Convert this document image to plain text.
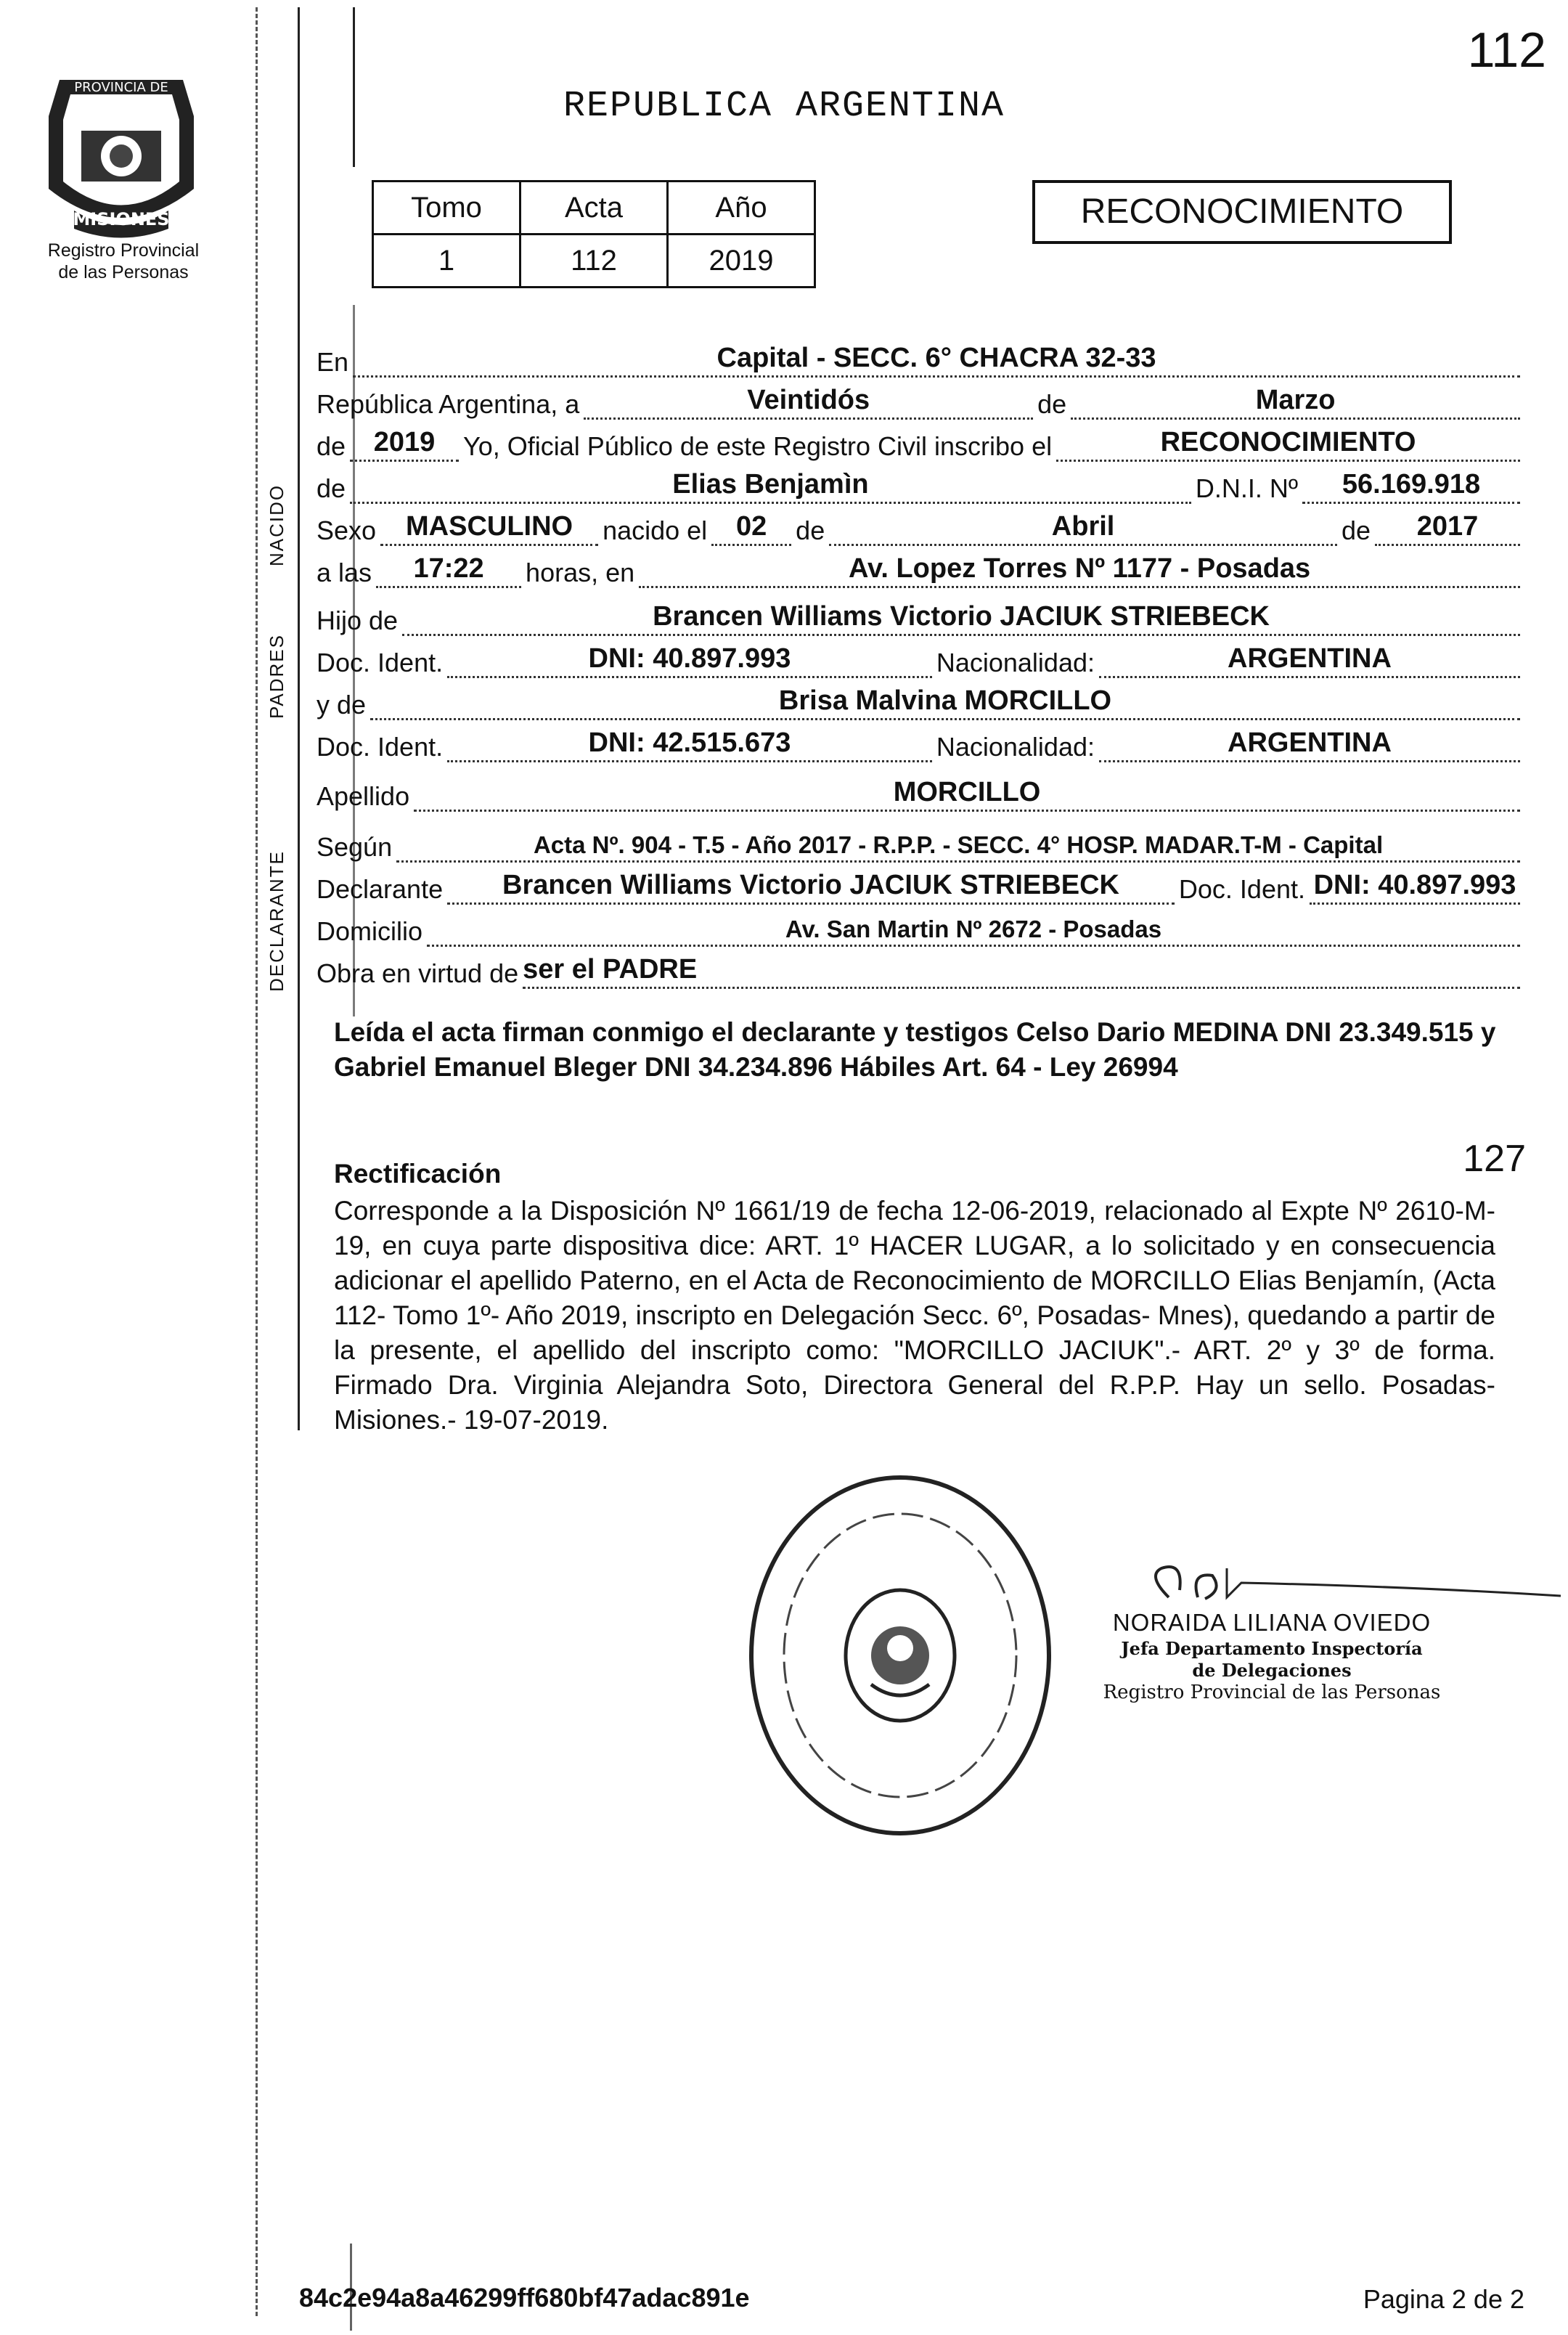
112
REPUBLICA ARGENTINA
PROVINCIA DE
MISIONES
Registro Provincial
de las Personas
Tomo	Acta	Año
1	112	2019
RECONOCIMIENTO
NACIDO
PADRES
DECLARANTE
En	Capital - SECC. 6° CHACRA 32-33
República Argentina, a	Veintidós	de	Marzo
de	2019	Yo, Oficial Público de este Registro Civil inscribo el	RECONOCIMIENTO
de	Elias Benjamìn	D.N.I. Nº	56.169.918
Sexo	MASCULINO	nacido el	02	de	Abril	de	2017
a las	17:22	horas, en	Av. Lopez Torres Nº 1177 - Posadas
Hijo de	Brancen Williams Victorio JACIUK STRIEBECK
Doc. Ident.	DNI: 40.897.993	Nacionalidad:	ARGENTINA
y de	Brisa Malvina MORCILLO
Doc. Ident.	DNI: 42.515.673	Nacionalidad:	ARGENTINA
Apellido	MORCILLO
Según	Acta Nº. 904 - T.5 - Año 2017 - R.P.P. - SECC. 4° HOSP. MADAR.T-M - Capital
Declarante	Brancen Williams Victorio JACIUK STRIEBECK	Doc. Ident. DNI: 40.897.993
Domicilio	Av. San Martin Nº 2672 - Posadas
Obra en virtud de ser el PADRE
Leída el acta firman conmigo el declarante y testigos Celso Dario MEDINA DNI 23.349.515 y Gabriel Emanuel Bleger DNI 34.234.896 Hábiles Art. 64 - Ley 26994
127
Rectificación
Corresponde a la Disposición Nº 1661/19 de fecha 12-06-2019, relacionado al Expte Nº 2610-M-19, en cuya parte dispositiva dice: ART. 1º HACER LUGAR, a lo solicitado y en consecuencia adicionar el apellido Paterno, en el Acta de Reconocimiento de MORCILLO Elias Benjamín, (Acta 112- Tomo 1º- Año 2019, inscripto en Delegación Secc. 6º, Posadas- Mnes), quedando a partir de la presente, el apellido del inscripto como: "MORCILLO JACIUK".- ART. 2º y 3º de forma. Firmado Dra. Virginia Alejandra Soto, Directora General del R.P.P. Hay un sello. Posadas- Misiones.- 19-07-2019.
NORAIDA LILIANA OVIEDO
Jefa Departamento Inspectoría
de Delegaciones
Registro Provincial de las Personas
84c2e94a8a46299ff680bf47adac891e	Pagina 2 de 2
